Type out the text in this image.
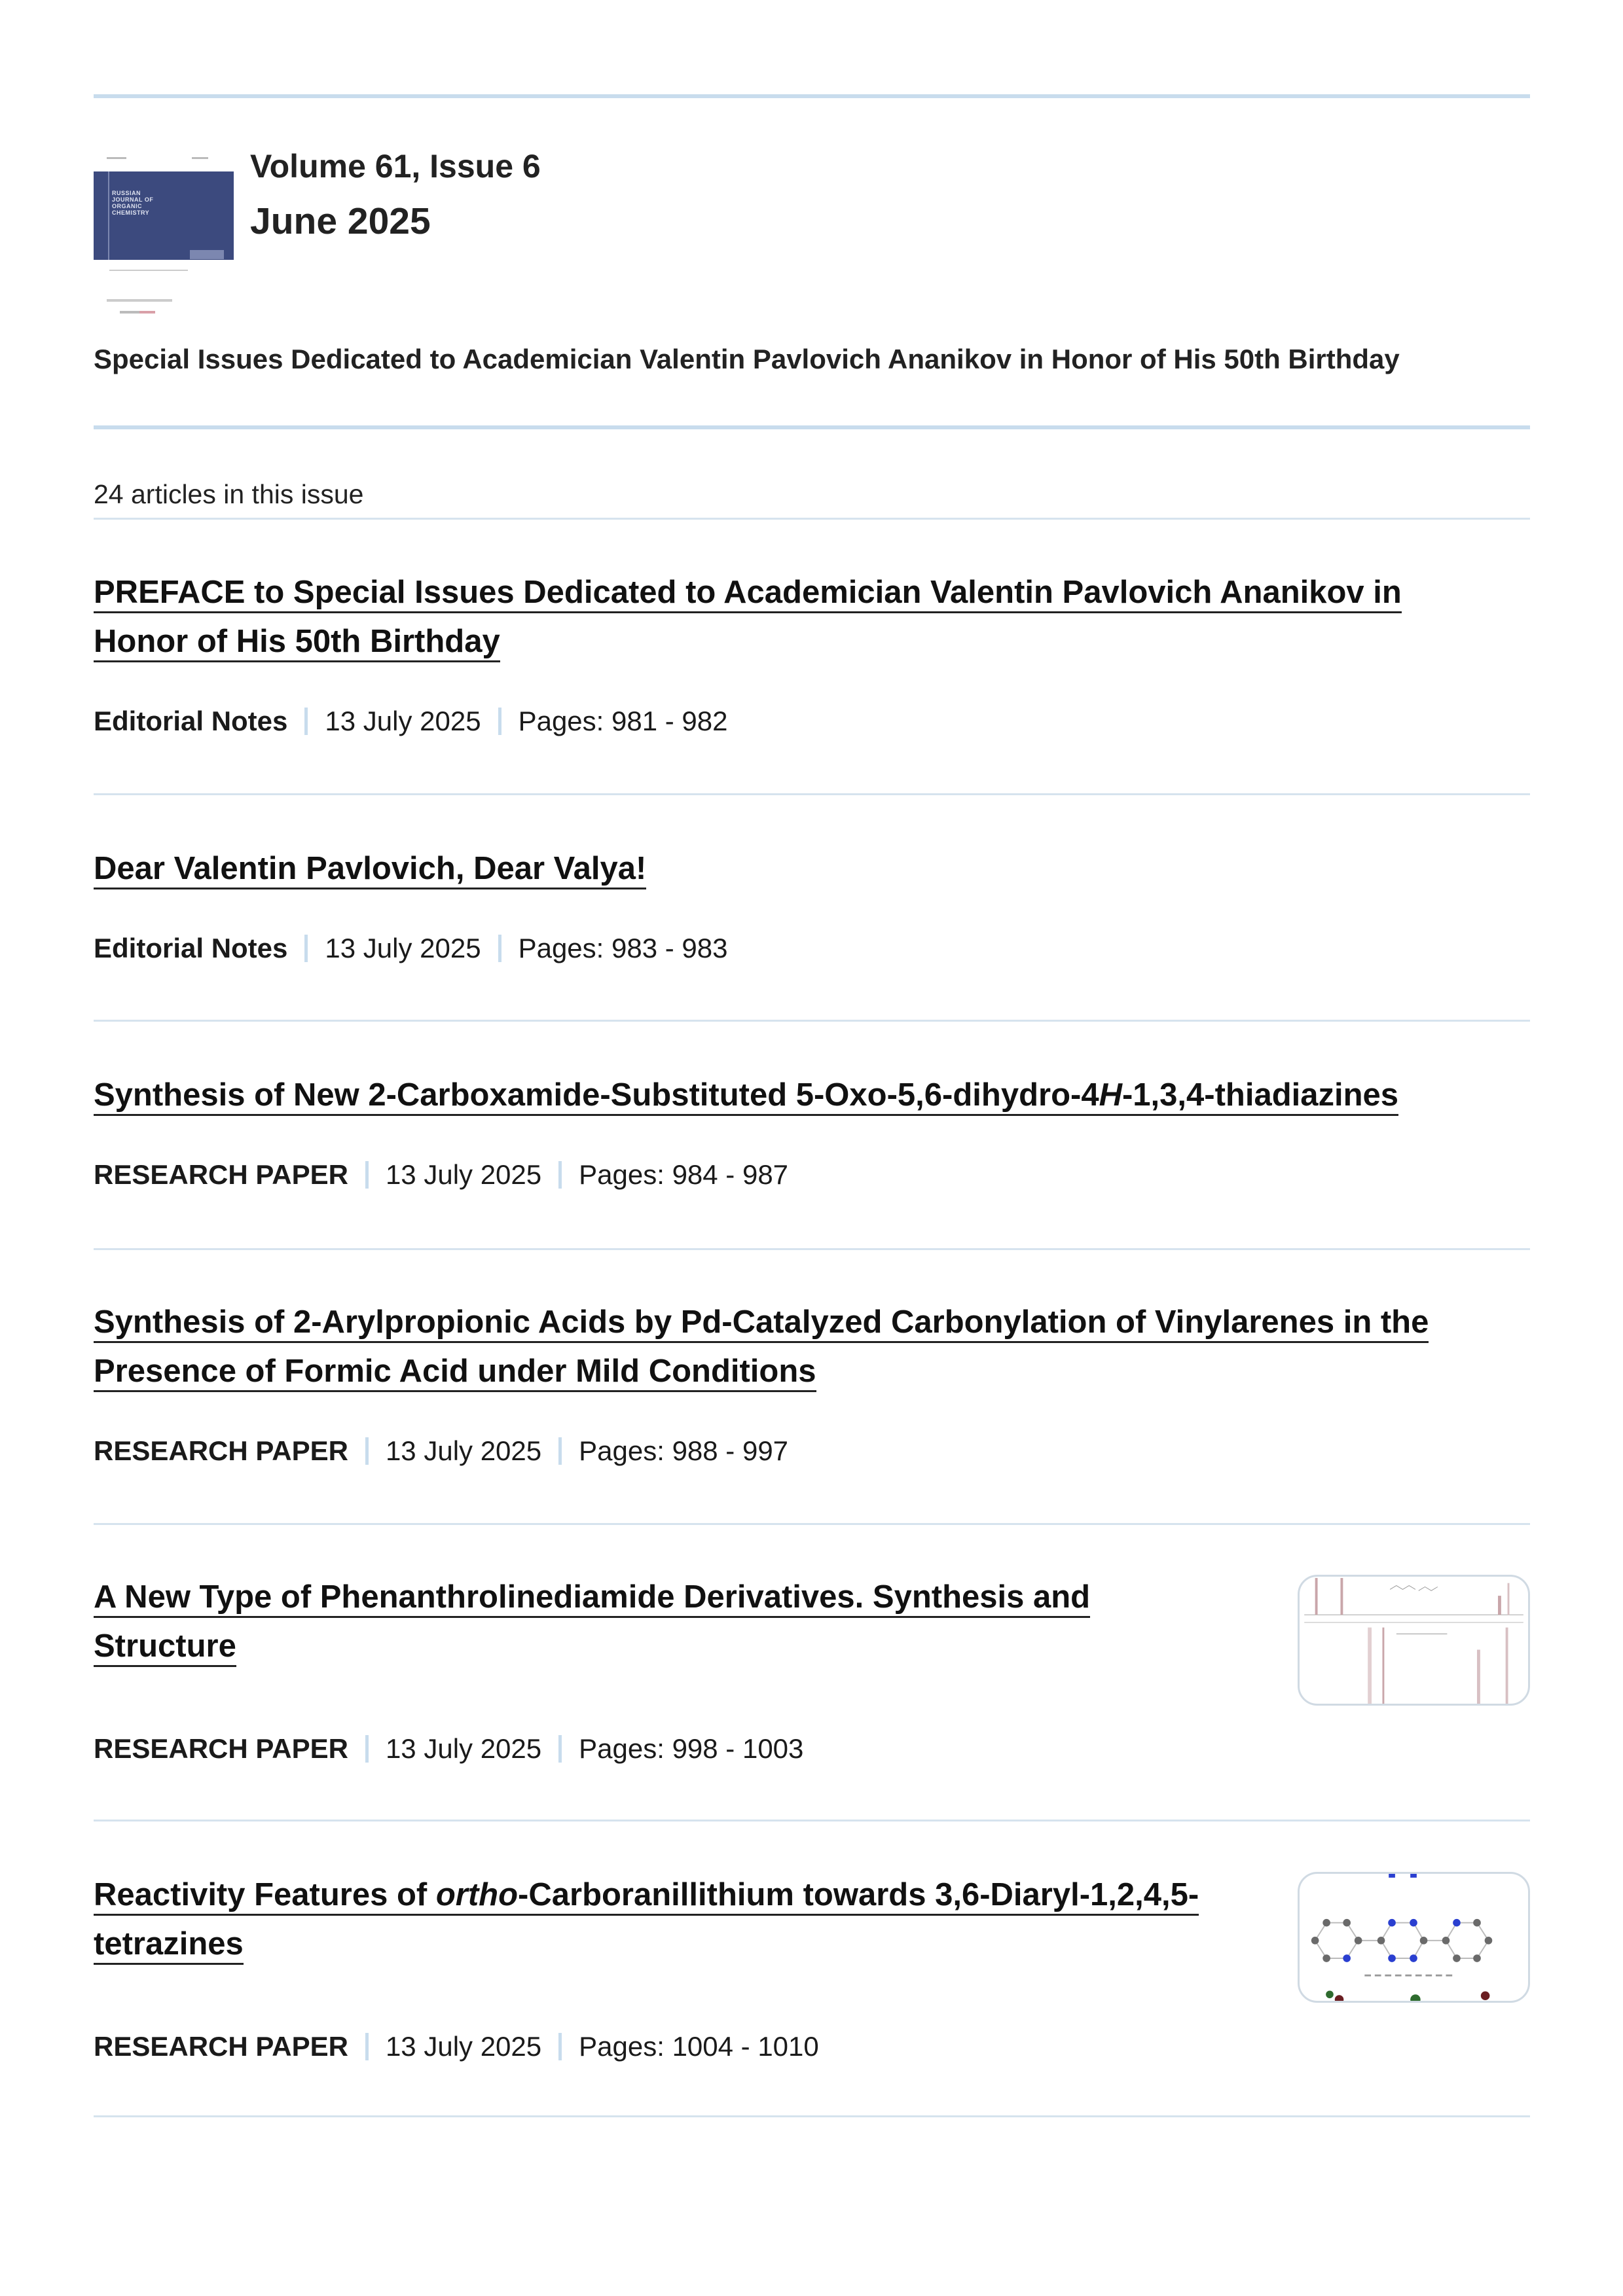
RUSSIAN JOURNAL OF ORGANIC CHEMISTRY
Volume 61, Issue 6
June 2025
Special Issues Dedicated to Academician Valentin Pavlovich Ananikov in Honor of His 50th Birthday
24 articles in this issue
PREFACE to Special Issues Dedicated to Academician Valentin Pavlovich Ananikov in
Honor of His 50th Birthday
Editorial Notes 13 July 2025 Pages: 981 - 982
Dear Valentin Pavlovich, Dear Valya!
Editorial Notes 13 July 2025 Pages: 983 - 983
Synthesis of New 2-Carboxamide-Substituted 5-Oxo-5,6-dihydro-4H-1,3,4-thiadiazines
RESEARCH PAPER 13 July 2025 Pages: 984 - 987
Synthesis of 2-Arylpropionic Acids by Pd-Catalyzed Carbonylation of Vinylarenes in the
Presence of Formic Acid under Mild Conditions
RESEARCH PAPER 13 July 2025 Pages: 988 - 997
A New Type of Phenanthrolinediamide Derivatives. Synthesis and
Structure
RESEARCH PAPER 13 July 2025 Pages: 998 - 1003
Reactivity Features of ortho-Carboranillithium towards 3,6-Diaryl-1,2,4,5-
tetrazines
RESEARCH PAPER 13 July 2025 Pages: 1004 - 1010
